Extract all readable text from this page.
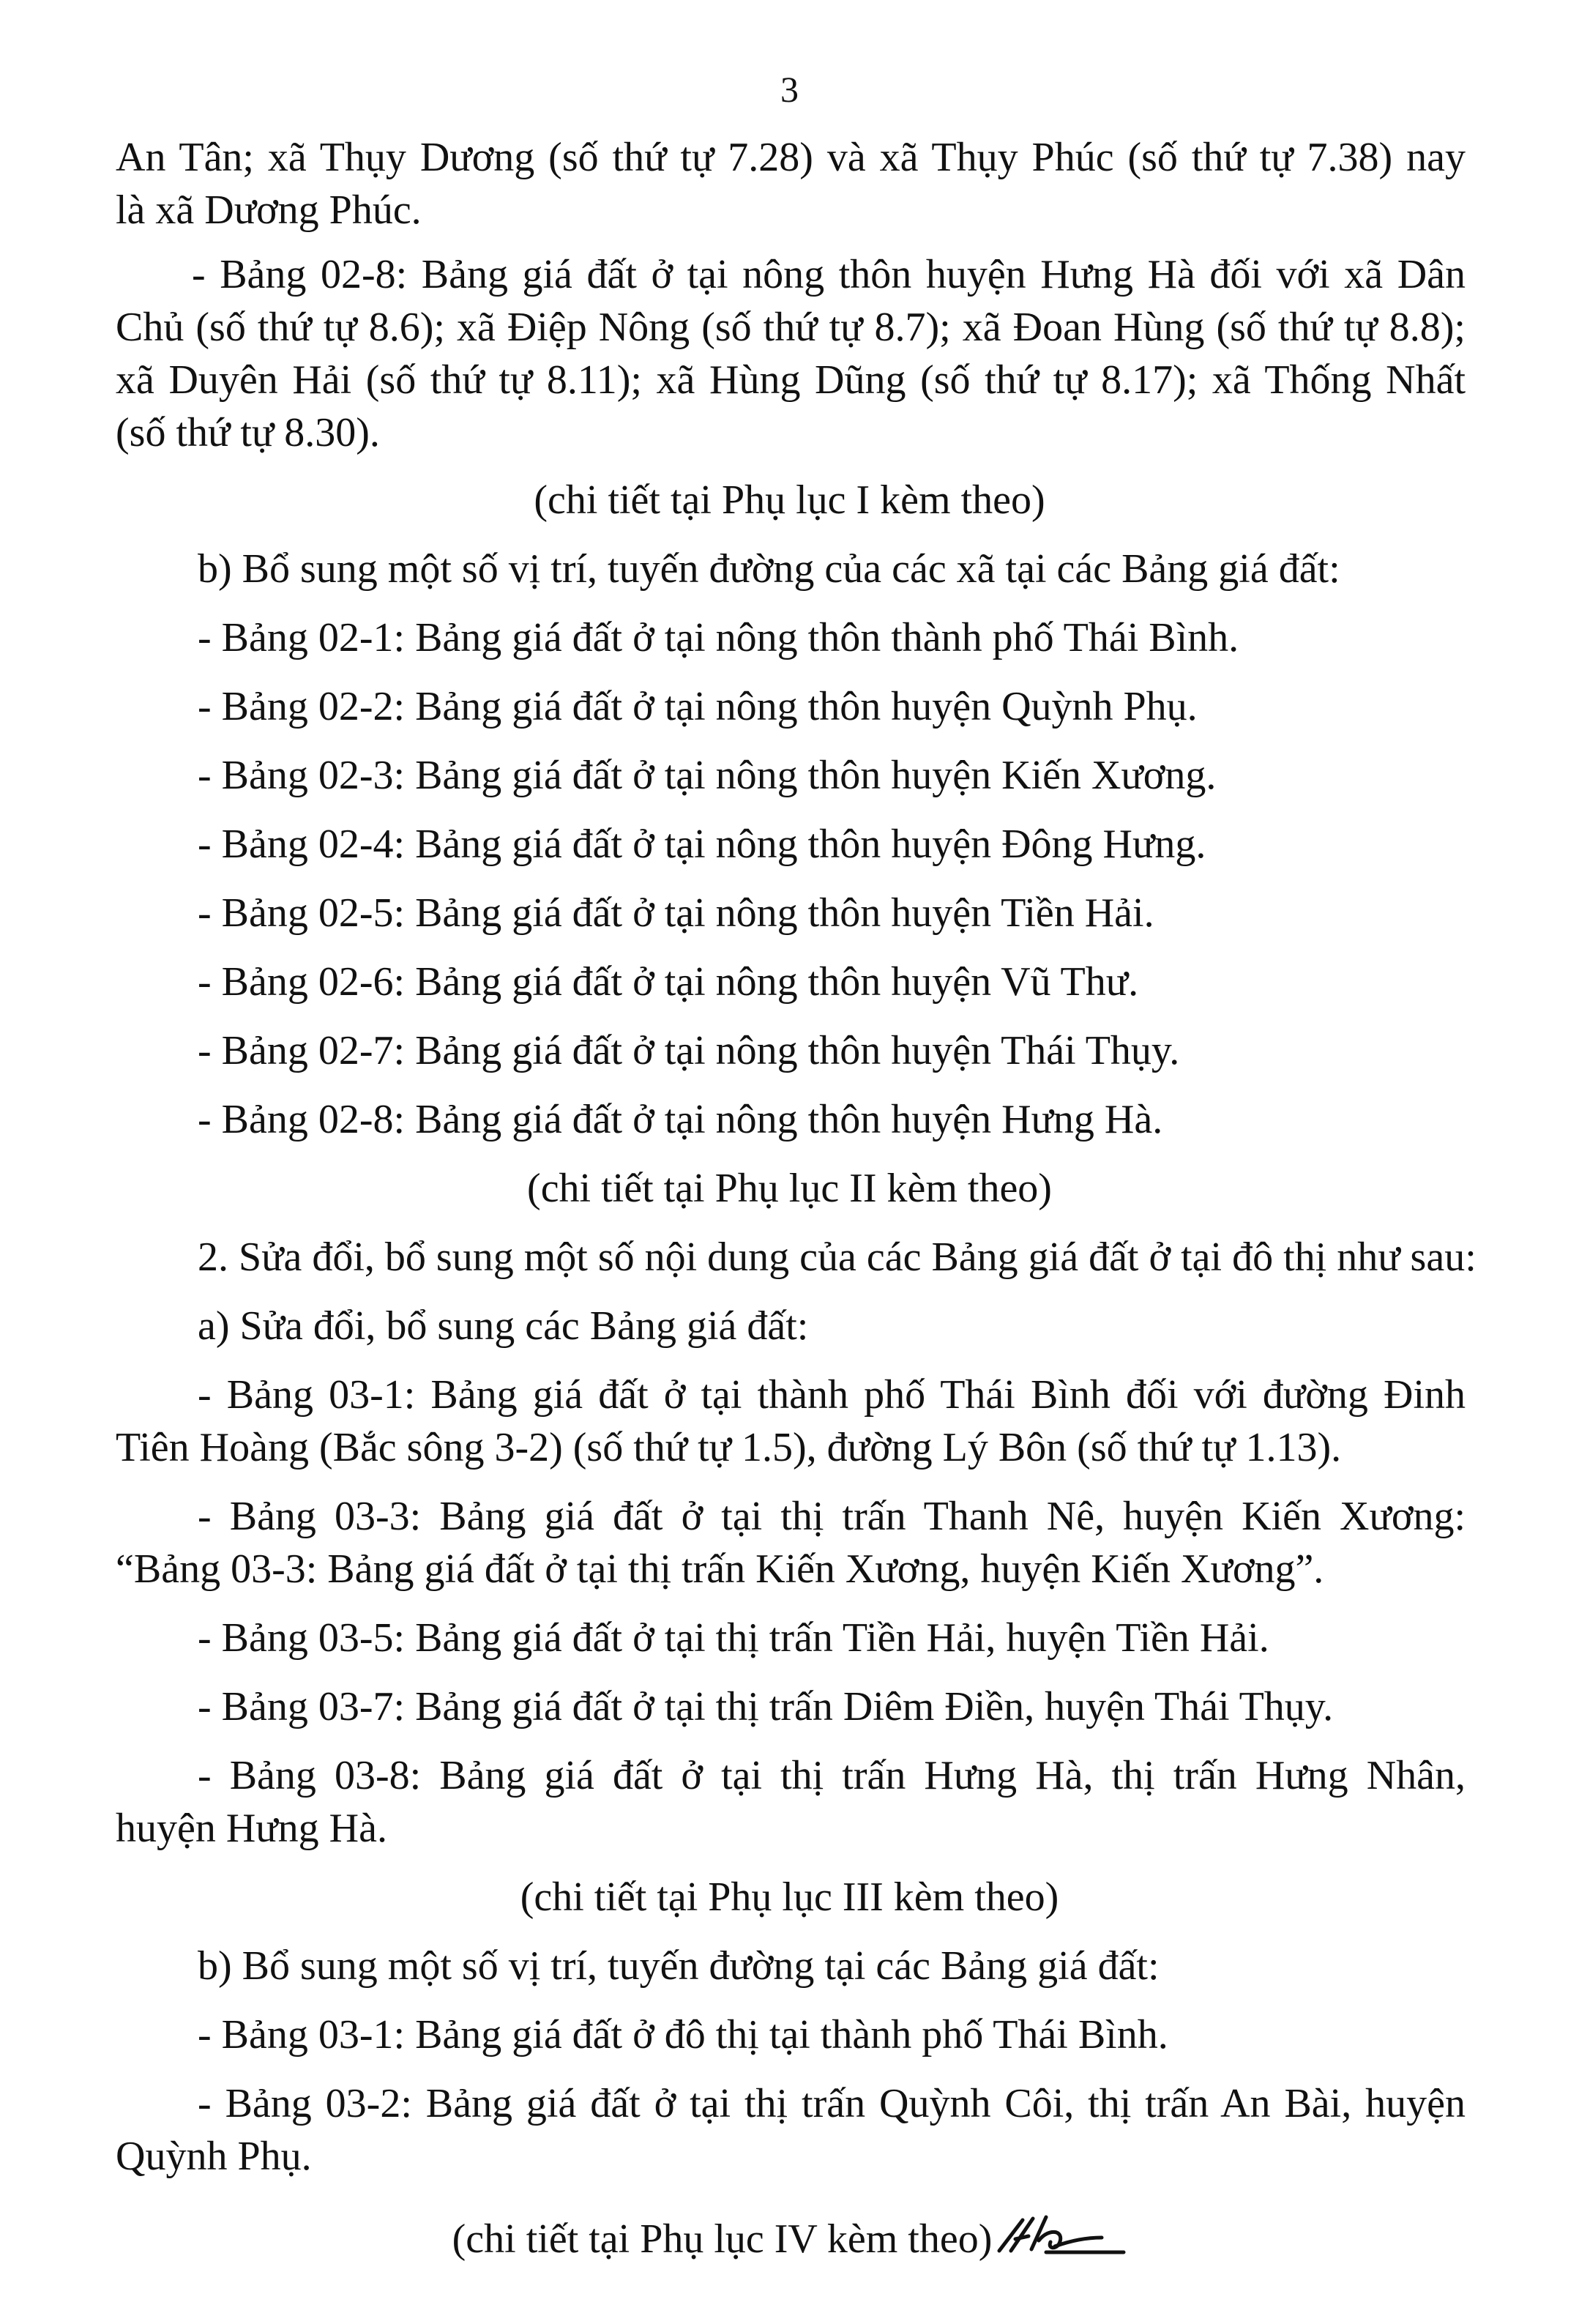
3
An Tân; xã Thụy Dương (số thứ tự 7.28) và xã Thụy Phúc (số thứ tự 7.38) nay
là xã Dương Phúc.
- Bảng 02-8: Bảng giá đất ở tại nông thôn huyện Hưng Hà đối với xã Dân
Chủ (số thứ tự 8.6); xã Điệp Nông (số thứ tự 8.7); xã Đoan Hùng (số thứ tự 8.8);
xã Duyên Hải (số thứ tự 8.11); xã Hùng Dũng (số thứ tự 8.17); xã Thống Nhất
(số thứ tự 8.30).
(chi tiết tại Phụ lục I kèm theo)
b) Bổ sung một số vị trí, tuyến đường của các xã tại các Bảng giá đất:
- Bảng 02-1: Bảng giá đất ở tại nông thôn thành phố Thái Bình.
- Bảng 02-2: Bảng giá đất ở tại nông thôn huyện Quỳnh Phụ.
- Bảng 02-3: Bảng giá đất ở tại nông thôn huyện Kiến Xương.
- Bảng 02-4: Bảng giá đất ở tại nông thôn huyện Đông Hưng.
- Bảng 02-5: Bảng giá đất ở tại nông thôn huyện Tiền Hải.
- Bảng 02-6: Bảng giá đất ở tại nông thôn huyện Vũ Thư.
- Bảng 02-7: Bảng giá đất ở tại nông thôn huyện Thái Thụy.
- Bảng 02-8: Bảng giá đất ở tại nông thôn huyện Hưng Hà.
(chi tiết tại Phụ lục II kèm theo)
2. Sửa đổi, bổ sung một số nội dung của các Bảng giá đất ở tại đô thị như sau:
a) Sửa đổi, bổ sung các Bảng giá đất:
- Bảng 03-1: Bảng giá đất ở tại thành phố Thái Bình đối với đường Đinh
Tiên Hoàng (Bắc sông 3-2) (số thứ tự 1.5), đường Lý Bôn (số thứ tự 1.13).
- Bảng 03-3: Bảng giá đất ở tại thị trấn Thanh Nê, huyện Kiến Xương:
“Bảng 03-3: Bảng giá đất ở tại thị trấn Kiến Xương, huyện Kiến Xương”.
- Bảng 03-5: Bảng giá đất ở tại thị trấn Tiền Hải, huyện Tiền Hải.
- Bảng 03-7: Bảng giá đất ở tại thị trấn Diêm Điền, huyện Thái Thụy.
- Bảng 03-8: Bảng giá đất ở tại thị trấn Hưng Hà, thị trấn Hưng Nhân,
huyện Hưng Hà.
(chi tiết tại Phụ lục III kèm theo)
b) Bổ sung một số vị trí, tuyến đường tại các Bảng giá đất:
- Bảng 03-1: Bảng giá đất ở đô thị tại thành phố Thái Bình.
- Bảng 03-2: Bảng giá đất ở tại thị trấn Quỳnh Côi, thị trấn An Bài, huyện
Quỳnh Phụ.
(chi tiết tại Phụ lục IV kèm theo)
